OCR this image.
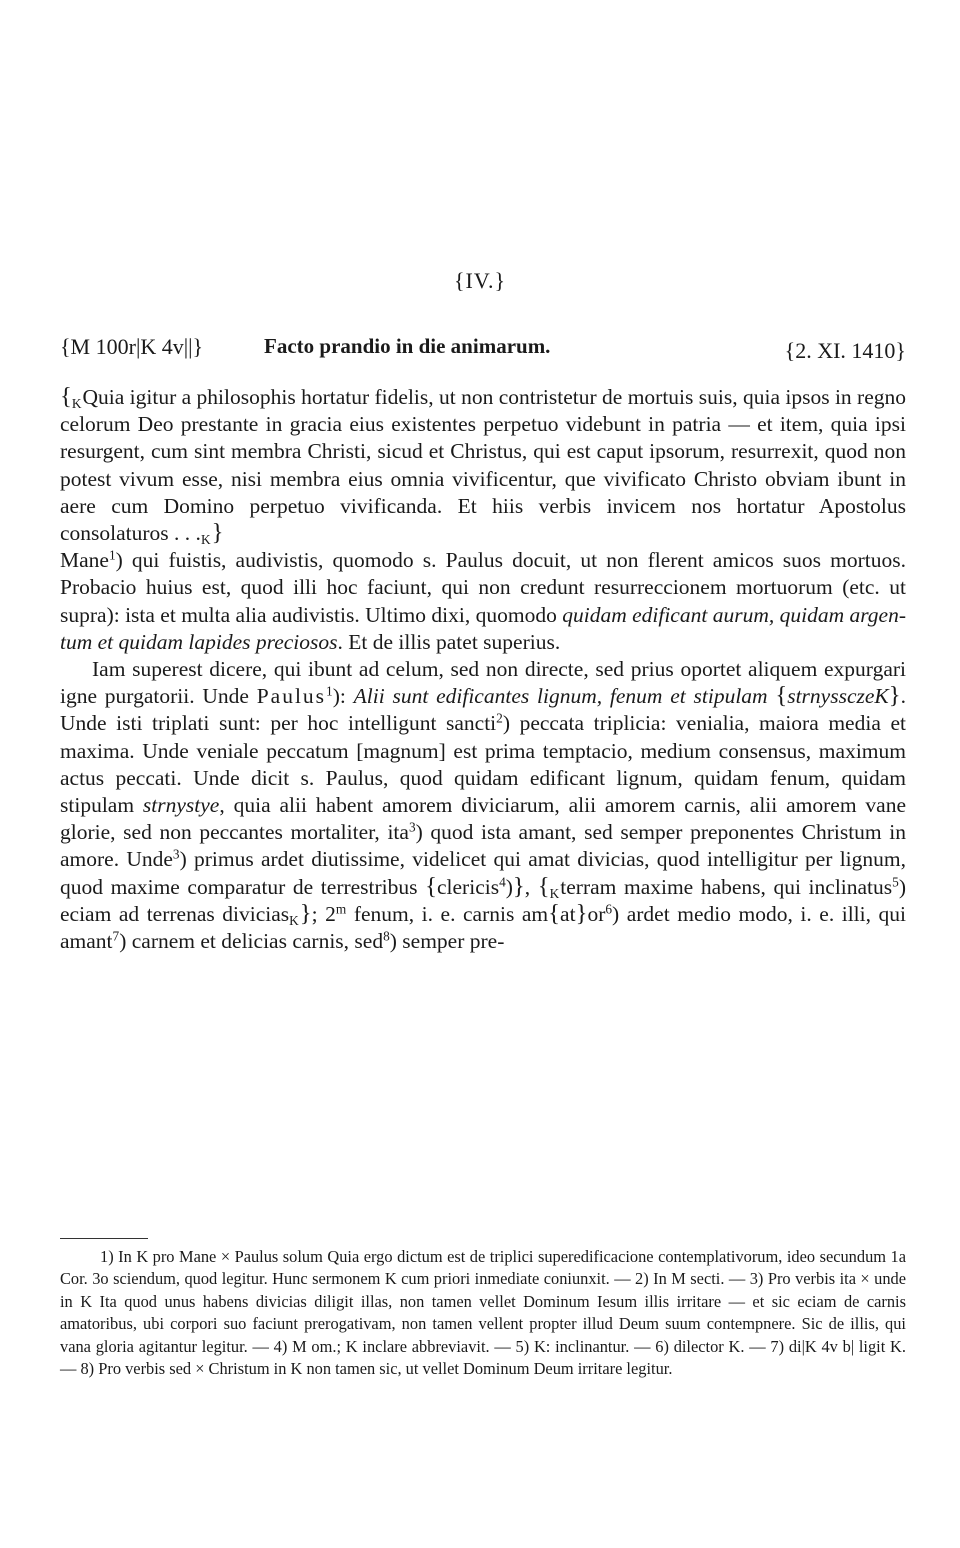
{IV.}
{M 100r|K 4v||}	Facto prandio in die animarum.	{2. XI. 1410}

{KQuia igitur a philosophis hortatur fidelis, ut non contristetur de mortuis suis, quia ipsos in regno celorum Deo prestante in gracia eius existentes perpetuo videbunt in patria — et item, quia ipsi resurgent, cum sint membra Christi, sicud et Christus, qui est caput ipsorum, resurrexit, quod non potest vivum esse, nisi membra eius omnia vivificentur, que vivificato Christo obviam ibunt in aere cum Domino perpetuo vivificanda. Et hiis verbis invicem nos hortatur Apostolus consolaturos . . .K}

Mane$^1$) qui fuistis, audivistis, quomodo s. Paulus docuit, ut non flerent amicos suos mortuos. Probacio huius est, quod illi hoc faciunt, qui non credunt resurreccionem mortuorum (etc. ut supra): ista et multa alia audivistis. Ultimo dixi, quomodo quidam edificant aurum, quidam argentum et quidam lapides preciosos. Et de illis patet superius.

Iam superest dicere, qui ibunt ad celum, sed non directe, sed prius oportet aliquem expurgari igne purgatorii. Unde Paulus$^1$): Alii sunt edificantes lignum, fenum et stipulam {strnyssczeK}. Unde isti triplati sunt: per hoc intelligunt sancti$^2$) peccata triplicia: venialia, maiora media et maxima. Unde veniale peccatum [magnum] est prima temptacio, medium consensus, maximum actus peccati. Unde dicit s. Paulus, quod quidam edificant lignum, quidam fenum, quidam stipulam strnystye, quia alii habent amorem diviciarum, alii amorem carnis, alii amorem vane glorie, sed non peccantes mortaliter, ita$^3$) quod ista amant, sed semper preponentes Christum in amore. Unde$^3$) primus ardet diutissime, videlicet qui amat divicias, quod intelligitur per lignum, quod maxime comparatur de terrestribus {clericis$^4$)}, {Kterram maxime habens, qui inclinatus$^5$) eciam ad terrenas diviciasK}; 2$^m$ fenum, i. e. carnis $am\{at\}or^6$) ardet medio modo, i. e. illi, qui amant$^7$) carnem et delicias carnis, sed$^8$) semper pre-

1) In K pro Mane × Paulus solum Quia ergo dictum est de triplici superedificacione contemplativorum, ideo secundum 1a Cor. 3o sciendum, quod legitur. Hunc sermonem K cum priori inmediate coniunxit. — 2) In M secti. — 3) Pro verbis ita × unde in K Ita quod unus habens divicias diligit illas, non tamen vellet Dominum Iesum illis irritare — et sic eciam de carnis amatoribus, ubi corpori suo faciunt prerogativam, non tamen vellent propter illud Deum suum contempnere. Sic de illis, qui vana gloria agitantur legitur. — 4) M om.; K inclare abbreviavit. — 5) K: inclinantur. — 6) dilector K. — 7) di|K 4v b| ligit K. — 8) Pro verbis sed × Christum in K non tamen sic, ut vellet Dominum Deum irritare legitur.
